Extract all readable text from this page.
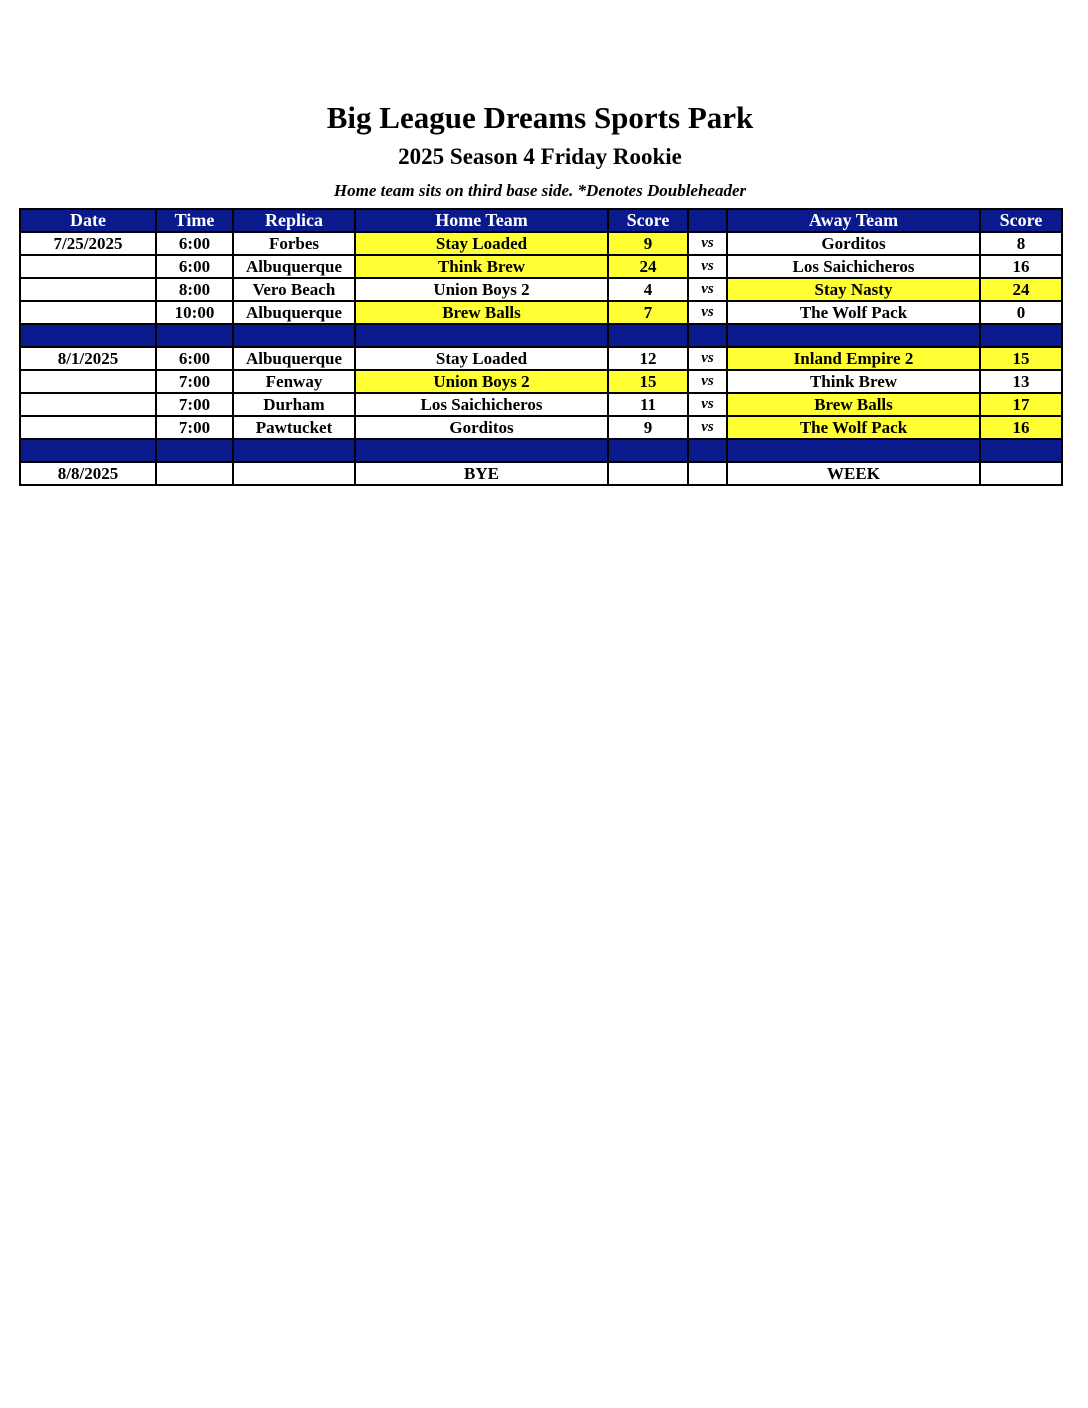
Big League Dreams Sports Park
2025 Season 4 Friday Rookie
Home team sits on third base side. *Denotes Doubleheader
Date	Time	Replica	Home Team	Score		Away Team	Score
7/25/2025	6:00	Forbes	Stay Loaded	9	vs	Gorditos	8
	6:00	Albuquerque	Think Brew	24	vs	Los Saichicheros	16
	8:00	Vero Beach	Union Boys 2	4	vs	Stay Nasty	24
	10:00	Albuquerque	Brew Balls	7	vs	The Wolf Pack	0

8/1/2025	6:00	Albuquerque	Stay Loaded	12	vs	Inland Empire 2	15
	7:00	Fenway	Union Boys 2	15	vs	Think Brew	13
	7:00	Durham	Los Saichicheros	11	vs	Brew Balls	17
	7:00	Pawtucket	Gorditos	9	vs	The Wolf Pack	16

8/8/2025			BYE			WEEK	
